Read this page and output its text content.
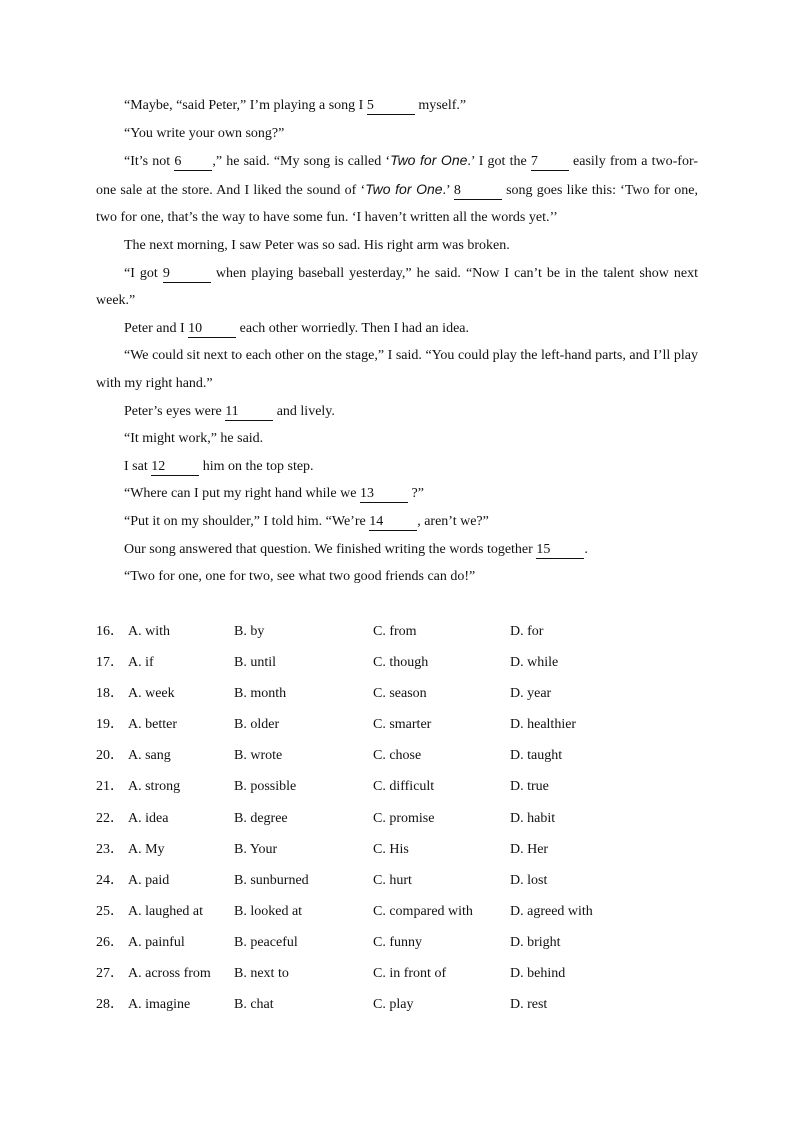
“Maybe, “said Peter,” I’m playing a song I 5	myself.”

“You write your own song?”

“It’s not 6 ,” he said. “My song is called ‘Two for One.’ I got the 7 easily from a two-for-one sale at the store. And I liked the sound of ‘Two for One.’ 8	song goes like this: ‘Two for one, two for one, that’s the way to have some fun. ‘I haven’t written all the words yet.’’

The next morning, I saw Peter was so sad. His right arm was broken.

“I got 9	when playing baseball yesterday,” he said. “Now I can’t be in the talent show next week.”

Peter and I 10 each other worriedly. Then I had an idea.

“We could sit next to each other on the stage,” I said. “You could play the left-hand parts, and I’ll play with my right hand.”

Peter’s eyes were 11 and lively.

“It might work,” he said.

I sat 12 him on the top step.

“Where can I put my right hand while we 13 ?”

“Put it on my shoulder,” I told him. “We’re 14 , aren’t we?”

Our song answered that question. We finished writing the words together 15 .

“Two for one, one for two, see what two good friends can do!”

16． A. with	B. by	C. from	D. for
17． A. if	B. until	C. though	D. while
18． A. week	B. month	C. season	D. year
19． A. better	B. older	C. smarter	D. healthier
20． A. sang	B. wrote	C. chose	D. taught
21． A. strong	B. possible	C. difficult	D. true
22． A. idea	B. degree	C. promise	D. habit
23． A. My	B. Your	C. His	D. Her
24． A. paid	B. sunburned	C. hurt	D. lost
25． A. laughed at B. looked at	C. compared with	D. agreed with
26． A. painful	B. peaceful	C. funny	D. bright
27． A. across from B. next to	C. in front of	D. behind
28． A. imagine	B. chat	C. play	D. rest
